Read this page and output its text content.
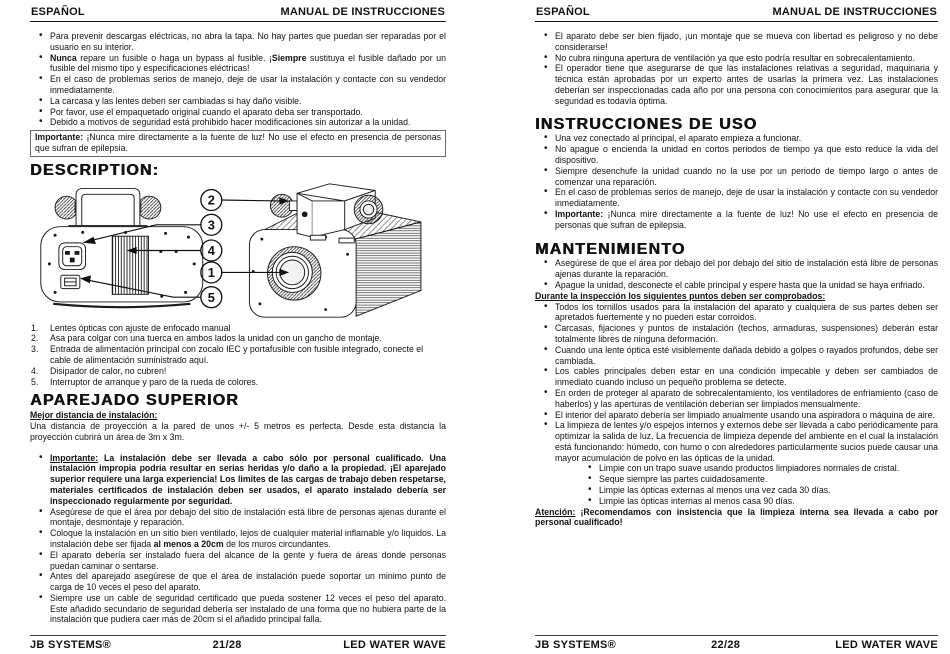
ESPAÑOL	MANUAL DE INSTRUCCIONES
• Para prevenir descargas eléctricas, no abra la tapa. No hay partes que puedan ser reparadas por el usuario en su interior.
• Nunca repare un fusible o haga un bypass al fusible. ¡Siempre sustituya el fusible dañado por un fusible del mismo tipo y especificaciones eléctricas!
• En el caso de problemas serios de manejo, deje de usar la instalación y contacte con su vendedor inmediatamente.
• La carcasa y las lentes deben ser cambiadas si hay daño visible.
• Por favor, use el empaquetado original cuando el aparato deba ser transportado.
• Debido a motivos de seguridad está prohibido hacer modificaciones sin autorizar a la unidad.
Importante: ¡Nunca mire directamente a la fuente de luz! No use el efecto en presencia de personas que sufran de epilepsia.
DESCRIPTION:
2
3
4
1
5
Lentes ópticas con ajuste de enfocado manual
Asa para colgar con una tuerca en ambos lados la unidad con un gancho de montaje.
Entrada de alimentación principal con zocalo IEC y portafusible con fusible integrado, conecte el cable de alimentación suministrado aquí.
Disipador de calor, no cubren!
Interruptor de arranque y paro de la rueda de colores.
APAREJADO SUPERIOR
Mejor distancia de instalación:
Una distancia de proyección a la pared de unos +/- 5 metros es perfecta. Desde esta distancia la proyección cubrirá un área de 3m x 3m.
• Importante: La instalación debe ser llevada a cabo sólo por personal cualificado. Una instalación impropia podría resultar en serias heridas y/o daño a la propiedad. ¡El aparejado superior requiere una larga experiencia! Los limites de las cargas de trabajo deben respetarse, materiales certificados de instalación deben ser usados, el aparato instalado debería ser inspeccionado regularmente por seguridad.
• Asegúrese de que el área por debajo del sitio de instalación está libre de personas ajenas durante el montaje, desmontaje y reparación.
• Coloque la instalación en un sitio bien ventilado, lejos de cualquier material inflamable y/o liquidos. La instalación debe ser fijada al menos a 20cm de los muros circundantes.
• El aparato debería ser instalado fuera del alcance de la gente y fuera de áreas donde personas puedan caminar o sentarse.
• Antes del aparejado asegúrese de que el área de instalación puede soportar un minimo punto de carga de 10 veces el peso del aparato.
• Siempre use un cable de seguridad certificado que pueda sostener 12 veces el peso del aparato. Este añadido secundario de seguridad debería ser instalado de una forma que no hubiera parte de la instalación que pudiera caer más de 20cm si el añadido principal falla.
JB SYSTEMS®	21/28	LED WATER WAVE
ESPAÑOL	MANUAL DE INSTRUCCIONES
• El aparato debe ser bien fijado, ¡un montaje que se mueva con libertad es peligroso y no debe considerarse!
• No cubra ninguna apertura de ventilación ya que esto podría resultar en sobrecalentamiento.
• El operador tiene que asegurarse de que las instalaciones relativas a seguridad, maquinaria y técnica están aprobadas por un experto antes de usarlas la primera vez. Las instalaciones deberían ser inspeccionadas cada año por una persona con conocimientos para asegurar que la seguridad es todavía óptima.
INSTRUCCIONES DE USO
• Una vez conectado al principal, el aparato empieza a funcionar.
• No apague o encienda la unidad en cortos periodos de tiempo ya que esto reduce la vida del dispositivo.
• Siempre desenchufe la unidad cuando no la use por un periodo de tiempo largo o antes de comenzar una reparación.
• En el caso de problemas serios de manejo, deje de usar la instalación y contacte con su vendedor inmediatamente.
• Importante: ¡Nunca mire directamente a la fuente de luz! No use el efecto en presencia de personas que sufran de epilepsia.
MANTENIMIENTO
• Asegúrese de que el área por debajo del por debajo del sitio de instalación está libre de personas ajenas durante la reparación.
• Apague la unidad, desconecte el cable principal y espere hasta que la unidad se haya enfriado.
Durante la inspección los siguientes puntos deben ser comprobados:
• Todos los tornillos usados para la instalación del aparato y cualquiera de sus partes deben ser apretados fuertemente y no pueden estar corroidos.
• Carcasas, fijaciones y puntos de instalación (techos, armaduras, suspensiones) deberán estar totalmente libres de ninguna deformación.
• Cuando una lente óptica esté visiblemente dañada debido a golpes o rayados profundos, debe ser cambiada.
• Los cables principales deben estar en una condición impecable y deben ser cambiados de inmediato cuando incluso un pequeño problema se detecte.
• En orden de proteger al aparato de sobrecalentamiento, los ventiladores de enfriamiento (caso de haberlos) y las aperturas de ventilación deberían ser limpiados mensualmente.
• El interior del aparato debería ser limpiado anualmente usando una aspiradora o máquina de aire.
• La limpieza de lentes y/o espejos internos y externos debe ser llevada a cabo periódicamente para optimizar la salida de luz. La frecuencia de limpieza depende del ambiente en el cual la instalación está funcionando: húmedo, con humo o con alrededores particularmente sucios puede causar una mayor acumulación de polvo en las ópticas de la unidad.
• Limpie con un trapo suave usando productos limpiadores normales de cristal.
• Seque siempre las partes cuidadosamente.
• Limpie las ópticas externas al menos una vez cada 30 días.
• Limpie las ópticas internas al menos casa 90 días.
Atención: ¡Recomendamos con insistencia que la limpieza interna sea llevada a cabo por personal cualificado!
JB SYSTEMS®	22/28	LED WATER WAVE
